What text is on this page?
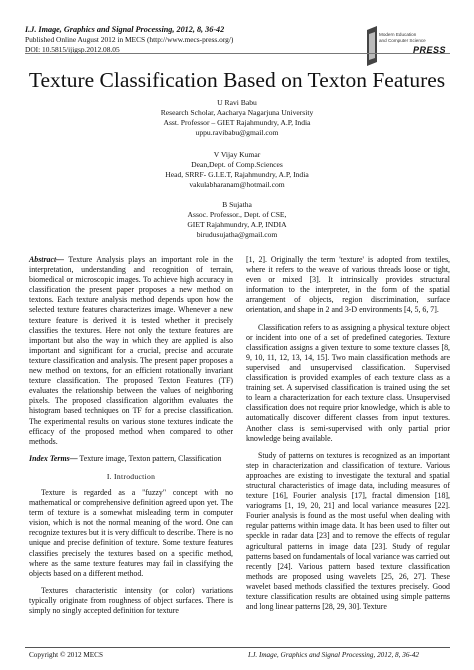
I.J. Image, Graphics and Signal Processing, 2012, 8, 36-42
Published Online August 2012 in MECS (http://www.mecs-press.org/)
DOI: 10.5815/ijigsp.2012.08.05
Modern Education
and Computer Science
PRESS
Texture Classification Based on Texton Features
U Ravi Babu
Research Scholar, Aacharya Nagarjuna University
Asst. Professor – GIET Rajahmundry, A.P, India
uppu.ravibabu@gmail.com
V Vijay Kumar
Dean,Dept. of Comp.Sciences
Head, SRRF- G.I.E.T, Rajahmundry, A.P, India
vakulabharanam@hotmail.com
B Sujatha
Assoc. Professor., Dept. of CSE,
GIET Rajahmundry, A.P, INDIA
birudusujatha@gmail.com

Abstract— Texture Analysis plays an important role in the interpretation, understanding and recognition of terrain, biomedical or microscopic images. To achieve high accuracy in classification the present paper proposes a new method on textons. Each texture analysis method depends upon how the selected texture features characterizes image. Whenever a new texture feature is derived it is tested whether it precisely classifies the textures. Here not only the texture features are important but also the way in which they are applied is also important and significant for a crucial, precise and accurate texture classification and analysis. The present paper proposes a new method on textons, for an efficient rotationally invariant texture classification. The proposed Texton Features (TF) evaluates the relationship between the values of neighboring pixels. The proposed classification algorithm evaluates the histogram based techniques on TF for a precise classification. The experimental results on various stone textures indicate the efficacy of the proposed method when compared to other methods.

Index Terms— Texture image, Texton pattern, Classification

I. Introduction

Texture is regarded as a "fuzzy" concept with no mathematical or comprehensive definition agreed upon yet. The term of texture is a somewhat misleading term in computer vision, which is not the normal meaning of the word. One can recognize textures but it is very difficult to describe. There is no unique and precise definition of texture. Some texture features classifies precisely the textures based on a specific method, where as the same texture features may fail in classifying the objects based on a different method.

Textures characteristic intensity (or color) variations typically originate from roughness of object surfaces. There is simply no singly accepted definition for texture

[1, 2]. Originally the term 'texture' is adopted from textiles, where it refers to the weave of various threads loose or tight, even or mixed [3]. It intrinsically provides structural information to the interpreter, in the form of the spatial arrangement of objects, region discrimination, surface orientation, and shape in 2 and 3-D environments [4, 5, 6, 7].

Classification refers to as assigning a physical texture object or incident into one of a set of predefined categories. Texture classification assigns a given texture to some texture classes [8, 9, 10, 11, 12, 13, 14, 15]. Two main classification methods are supervised and unsupervised classification. Supervised classification is provided examples of each texture class as a training set. A supervised classification is trained using the set to learn a characterization for each texture class. Unsupervised classification does not require prior knowledge, which is able to automatically discover different classes from input textures. Another class is semi-supervised with only partial prior knowledge being available.

Study of patterns on textures is recognized as an important step in characterization and classification of texture. Various approaches are existing to investigate the textural and spatial structural characteristics of image data, including measures of texture [16], Fourier analysis [17], fractal dimension [18], variograms [1, 19, 20, 21] and local variance measures [22]. Fourier analysis is found as the most useful when dealing with regular patterns within image data. It has been used to filter out speckle in radar data [23] and to remove the effects of regular agricultural patterns in image data [23]. Study of regular patterns based on fundamentals of local variance was carried out recently [24]. Various pattern based texture classification methods are proposed using wavelets [25, 26, 27]. These wavelet based methods classified the textures precisely. Good texture classification results are obtained using simple patterns and long linear patterns [28, 29, 30]. Texture

Copyright © 2012 MECS	I.J. Image, Graphics and Signal Processing, 2012, 8, 36-42
